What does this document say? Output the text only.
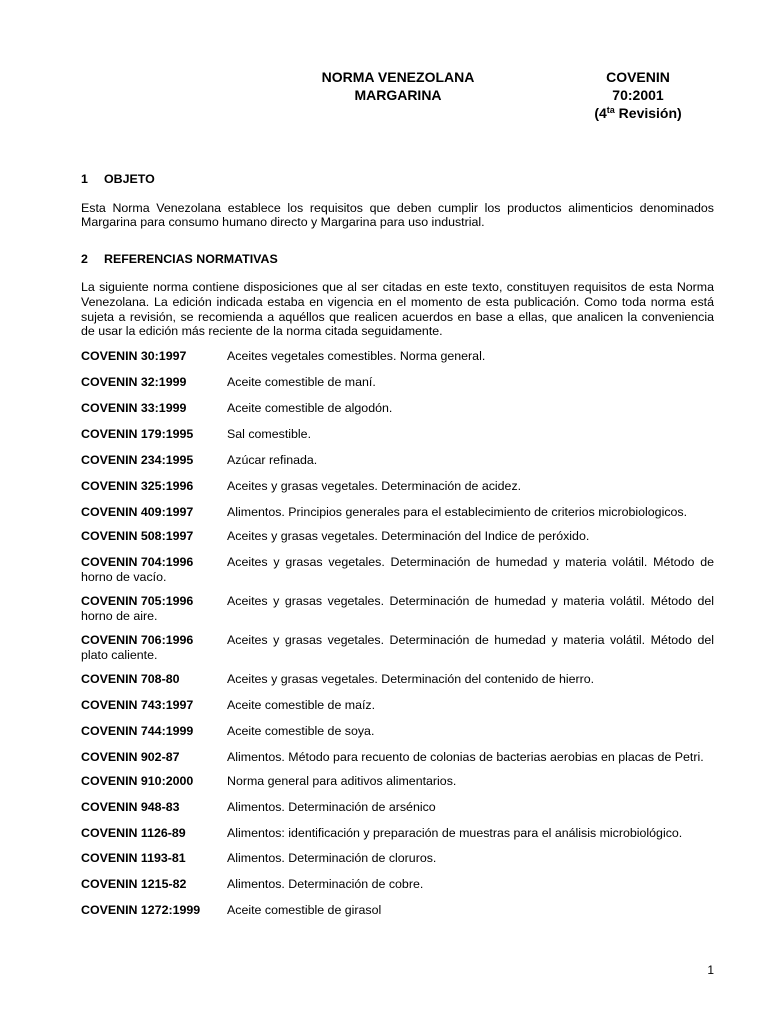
NORMA VENEZOLANA
MARGARINA
COVENIN
70:2001
($4^{ta}$ Revisión)

1 OBJETO

Esta Norma Venezolana establece los requisitos que deben cumplir los productos alimenticios denominados Margarina para consumo humano directo y Margarina para uso industrial.

2 REFERENCIAS NORMATIVAS

La siguiente norma contiene disposiciones que al ser citadas en este texto, constituyen requisitos de esta Norma Venezolana. La edición indicada estaba en vigencia en el momento de esta publicación. Como toda norma está sujeta a revisión, se recomienda a aquéllos que realicen acuerdos en base a ellas, que analicen la conveniencia de usar la edición más reciente de la norma citada seguidamente.

COVENIN 30:1997	Aceites vegetales comestibles. Norma general.
COVENIN 32:1999	Aceite comestible de maní.
COVENIN 33:1999	Aceite comestible de algodón.
COVENIN 179:1995	Sal comestible.
COVENIN 234:1995	Azúcar refinada.
COVENIN 325:1996	Aceites y grasas vegetales. Determinación de acidez.
COVENIN 409:1997	Alimentos. Principios generales para el establecimiento de criterios microbiologicos.
COVENIN 508:1997	Aceites y grasas vegetales. Determinación del Indice de peróxido.
COVENIN 704:1996	Aceites y grasas vegetales. Determinación de humedad y materia volátil. Método de horno de vacío.
COVENIN 705:1996	Aceites y grasas vegetales. Determinación de humedad y materia volátil. Método del horno de aire.
COVENIN 706:1996	Aceites y grasas vegetales. Determinación de humedad y materia volátil. Método del plato caliente.
COVENIN 708-80	Aceites y grasas vegetales. Determinación del contenido de hierro.
COVENIN 743:1997	Aceite comestible de maíz.
COVENIN 744:1999	Aceite comestible de soya.
COVENIN 902-87	Alimentos. Método para recuento de colonias de bacterias aerobias en placas de Petri.
COVENIN 910:2000	Norma general para aditivos alimentarios.
COVENIN 948-83	Alimentos. Determinación de arsénico
COVENIN 1126-89	Alimentos: identificación y preparación de muestras para el análisis microbiológico.
COVENIN 1193-81	Alimentos. Determinación de cloruros.
COVENIN 1215-82	Alimentos. Determinación de cobre.
COVENIN 1272:1999 Aceite comestible de girasol
1
